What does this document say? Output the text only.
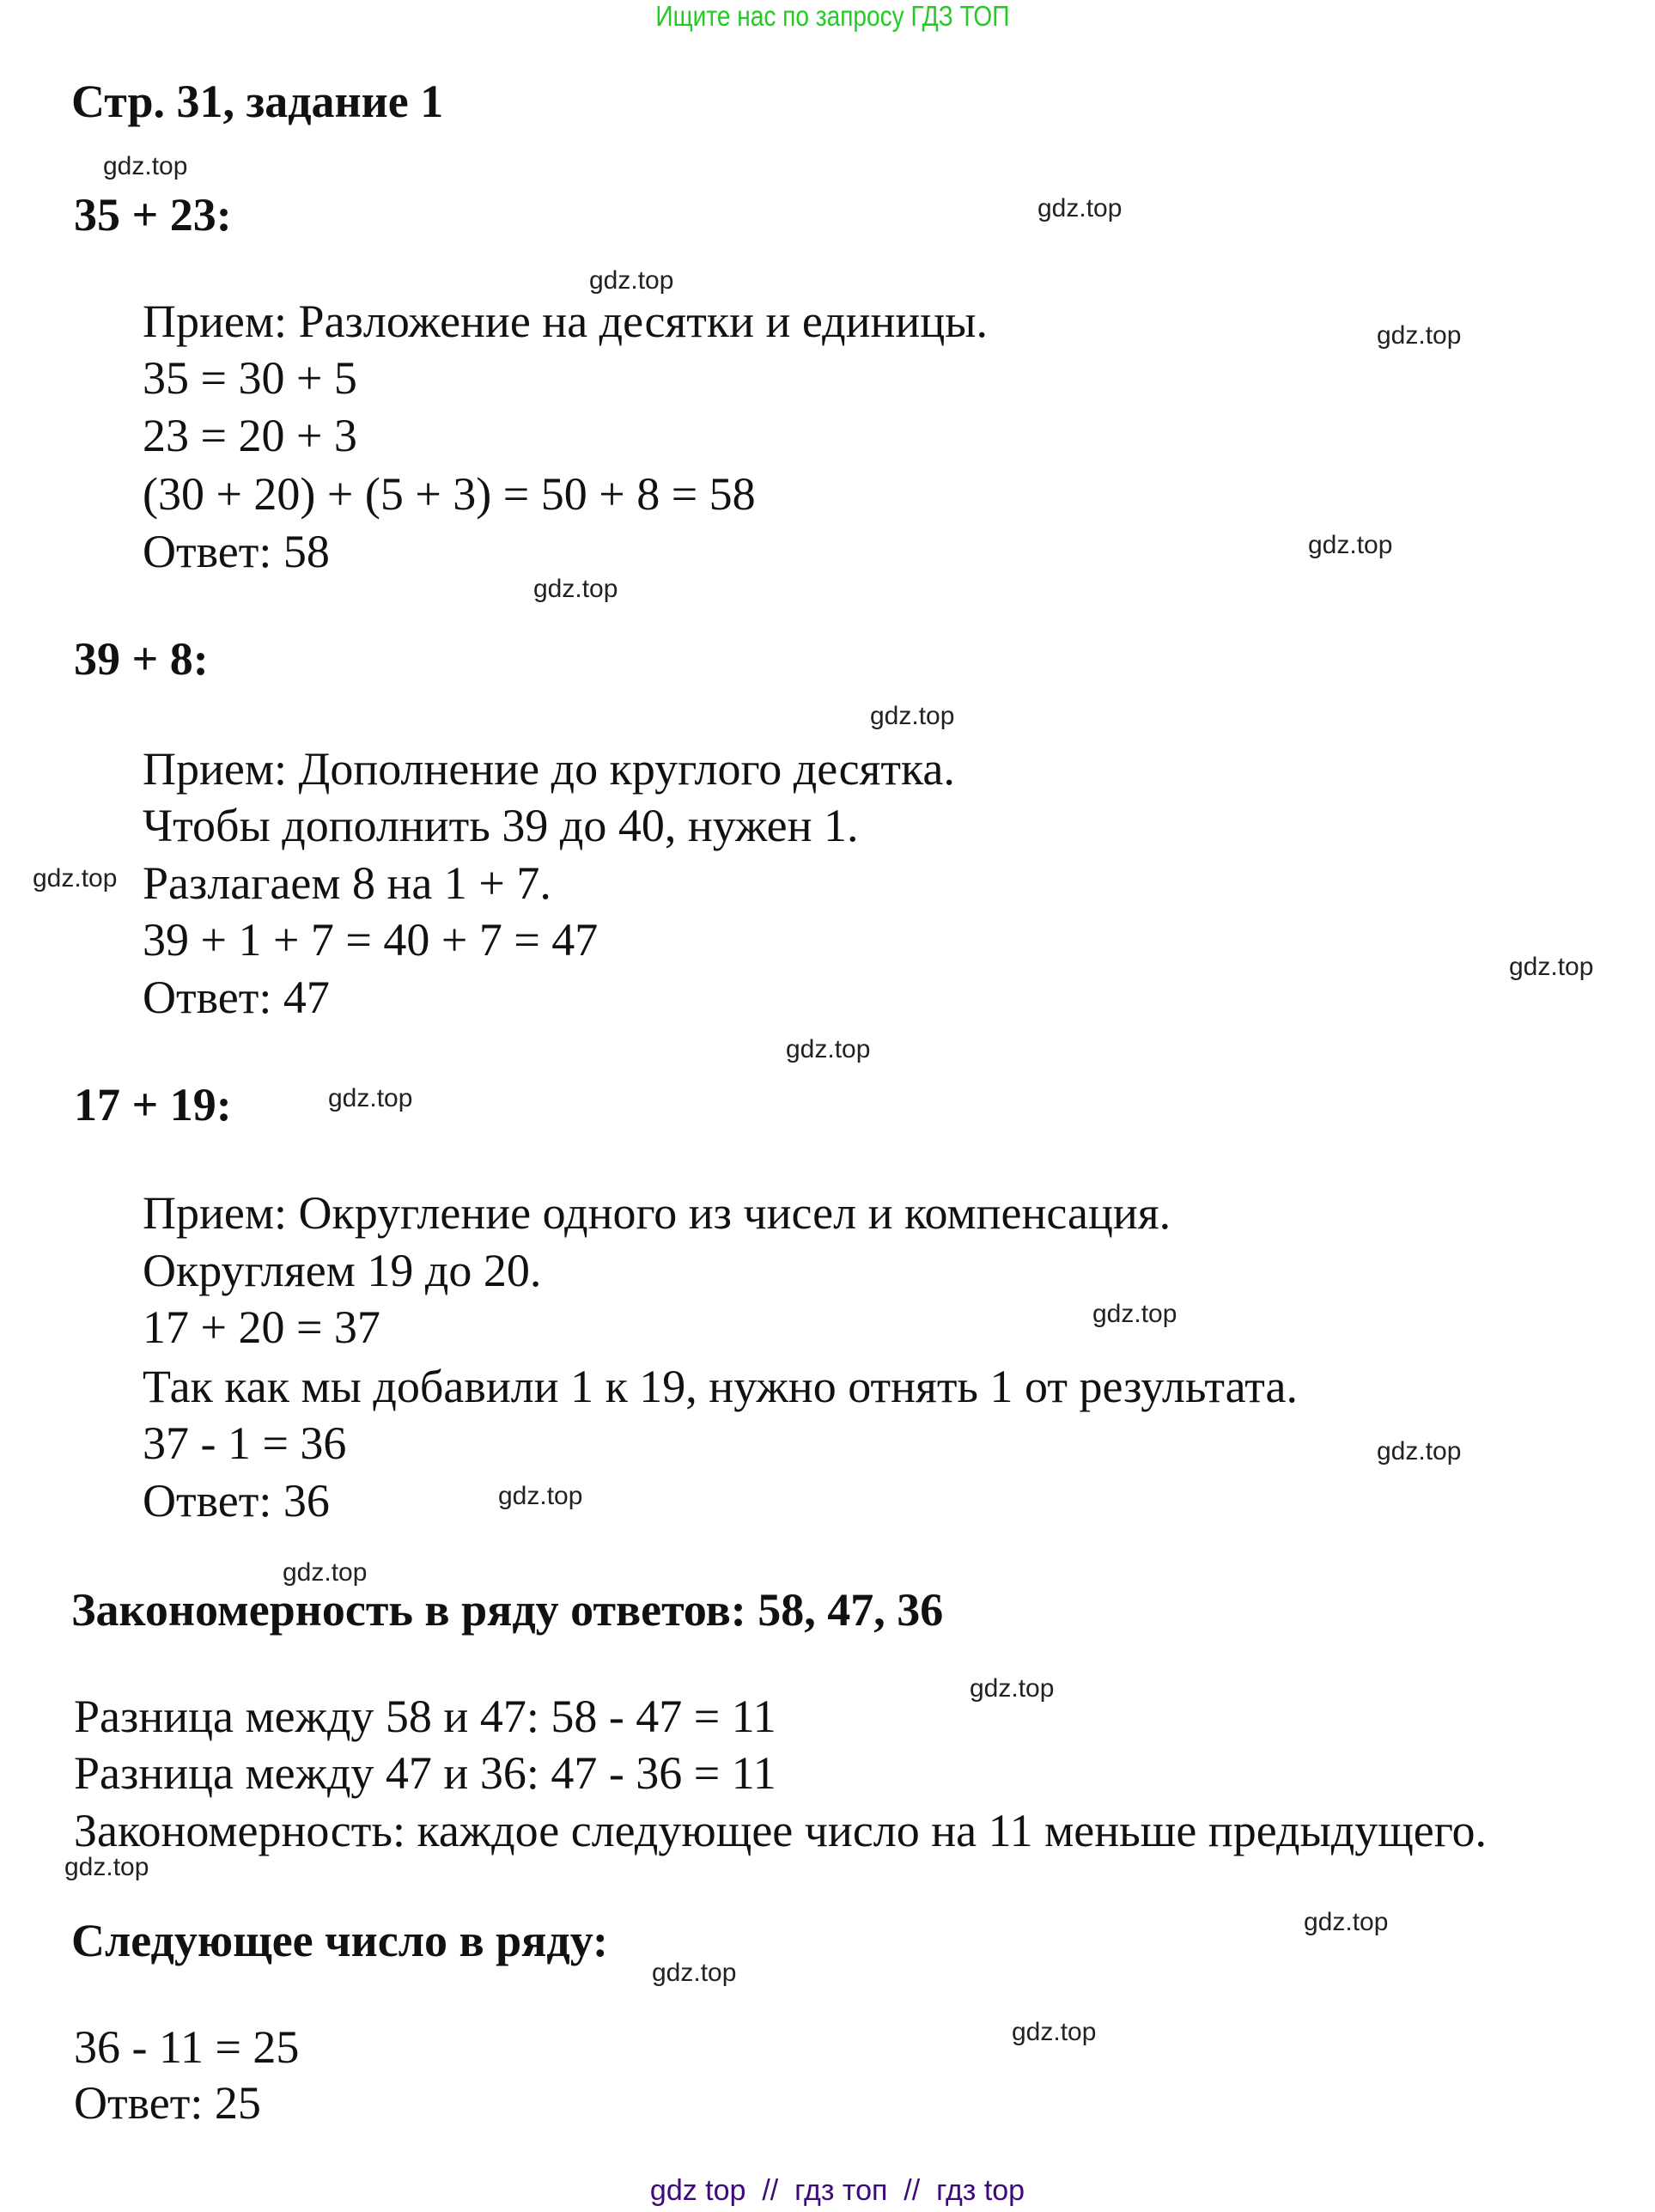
Ищите нас по запросу ГДЗ ТОП
Стр. 31, задание 1
35 + 23:
Прием: Разложение на десятки и единицы.
35 = 30 + 5
23 = 20 + 3
(30 + 20) + (5 + 3) = 50 + 8 = 58
Ответ: 58
39 + 8:
Прием: Дополнение до круглого десятка.
Чтобы дополнить 39 до 40, нужен 1.
Разлагаем 8 на 1 + 7.
39 + 1 + 7 = 40 + 7 = 47
Ответ: 47
17 + 19:
Прием: Округление одного из чисел и компенсация.
Округляем 19 до 20.
17 + 20 = 37
Так как мы добавили 1 к 19, нужно отнять 1 от результата.
37 - 1 = 36
Ответ: 36
Закономерность в ряду ответов: 58, 47, 36
Разница между 58 и 47: 58 - 47 = 11
Разница между 47 и 36: 47 - 36 = 11
Закономерность: каждое следующее число на 11 меньше предыдущего.
Следующее число в ряду:
36 - 11 = 25
Ответ: 25
gdz.top
gdz.top
gdz.top
gdz.top
gdz.top
gdz.top
gdz.top
gdz.top
gdz.top
gdz.top
gdz.top
gdz.top
gdz.top
gdz.top
gdz.top
gdz.top
gdz.top
gdz.top
gdz.top
gdz.top
gdz top  //  гдз топ  //  гдз top
